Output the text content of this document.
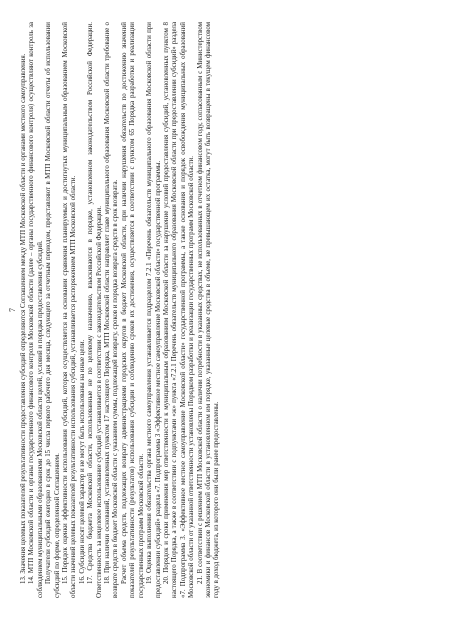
7 13. Значения целевых показателей результативности предоставления субсидий определяются Соглашением между МТП Московской области и органами местного самоуправления. 14. МТП Московской области и органы государственного финансового контроля Московской области (далее – органы государственного финансового контроля) осуществляют контроль за соблюдением муниципальными образованиями Московской области целей, условий и порядка предоставления субсидий. Получатели субсидий ежегодно в срок до 15 числа первого рабочего дня месяца, следующего за отчетным периодом, представляют в МТП Московской области отчеты об использовании субсидий по форме, определенной Соглашением. 15. Порядок оценки эффективности использования субсидий, которая осуществляется на основании сравнения планируемых и достигнутых муниципальным образованием Московской области значений целевых показателей результативности использования субсидий, устанавливается распоряжением МТП Московской области. 16. Субсидии носят целевой характер и не могут быть использованы на иные цели. 17. Средства бюджета Московской области, использованные не по целевому назначению, взыскиваются в порядке, установленном законодательством Российской Федерации. Ответственность за нецелевое использование субсидий устанавливается в соответствии с законодательством Российской Федерации. 18. При наличии оснований, установленных пунктом 17 настоящего Порядка, МТП Московской области направляет главе муниципального образования Московской области требование о возврате средств в бюджет Московской области с указанием суммы, подлежащей возврату, сроков и порядка возврата средств в срок возврата. Расчет объема средств, подлежащих возврату администрациями городских округов в бюджет Московской области, при наличии нарушения обязательств по достижению значений показателей результативности (результатов) использования субсидии и соблюдению сроков их достижения, осуществляется в соответствии с пунктом 65 Порядка разработки и реализации государственных программ Московской области. 19. Оценка выполнения обязательства органа местного самоуправления устанавливается подразделом 7.2.1 «Перечень обязательств муниципального образования Московской области при предоставлении субсидий» раздела «7. Подпрограмма 3 «Эффективное местное самоуправление Московской области» государственной программы. 20. Порядок и сроки применения мер ответственности к муниципальным образованиям Московской области за нарушение условий предоставления субсидий, установленных пунктом 8 настоящего Порядка, а также в соответствии с подпунктами «ж» пункта «7.2.1 Перечень обязательств муниципального образования Московской области при предоставлении субсидий» раздела «7. Подпрограмма 3. «Эффективное местное самоуправление Московской области» государственной программы, а также основания и порядок освобождения муниципальных образований Московской области от указанной ответственности установлены Порядком разработки и реализации государственных программ Московской области. 21. В соответствии с решением МТП Московской области о наличии потребности в указанных средствах, не использованных в отчетном финансовом году, согласованным с Министерством экономики и финансов Московской области в установленном им порядке, указанные целевые средства в объеме, не превышающем их остатка, могут быть возвращены в текущем финансовом году в доход бюджета, из которого они были ранее предоставлены.
